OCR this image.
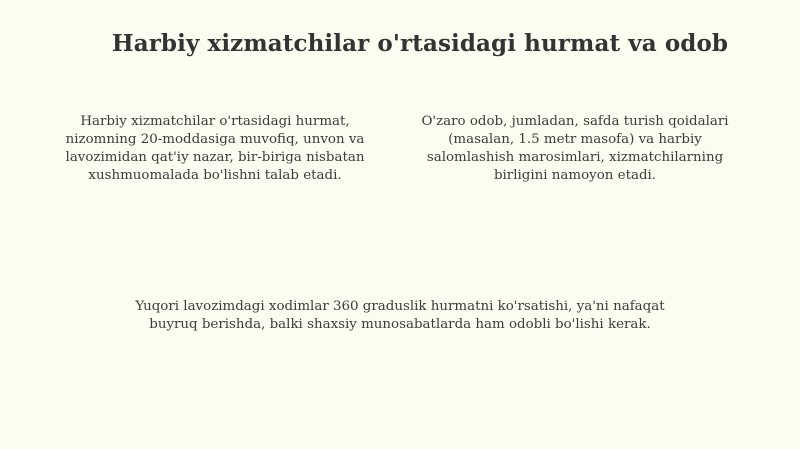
Harbiy xizmatchilar o'rtasidagi hurmat va odob
Harbiy xizmatchilar o'rtasidagi hurmat, nizomning 20-moddasiga muvofiq, unvon va lavozimidan qat'iy nazar, bir-biriga nisbatan xushmuomalada bo'lishni talab etadi.
O'zaro odob, jumladan, safda turish qoidalari (masalan, 1.5 metr masofa) va harbiy salomlashish marosimlari, xizmatchilarning birligini namoyon etadi.
Yuqori lavozimdagi xodimlar 360 graduslik hurmatni ko'rsatishi, ya'ni nafaqat buyruq berishda, balki shaxsiy munosabatlarda ham odobli bo'lishi kerak.
